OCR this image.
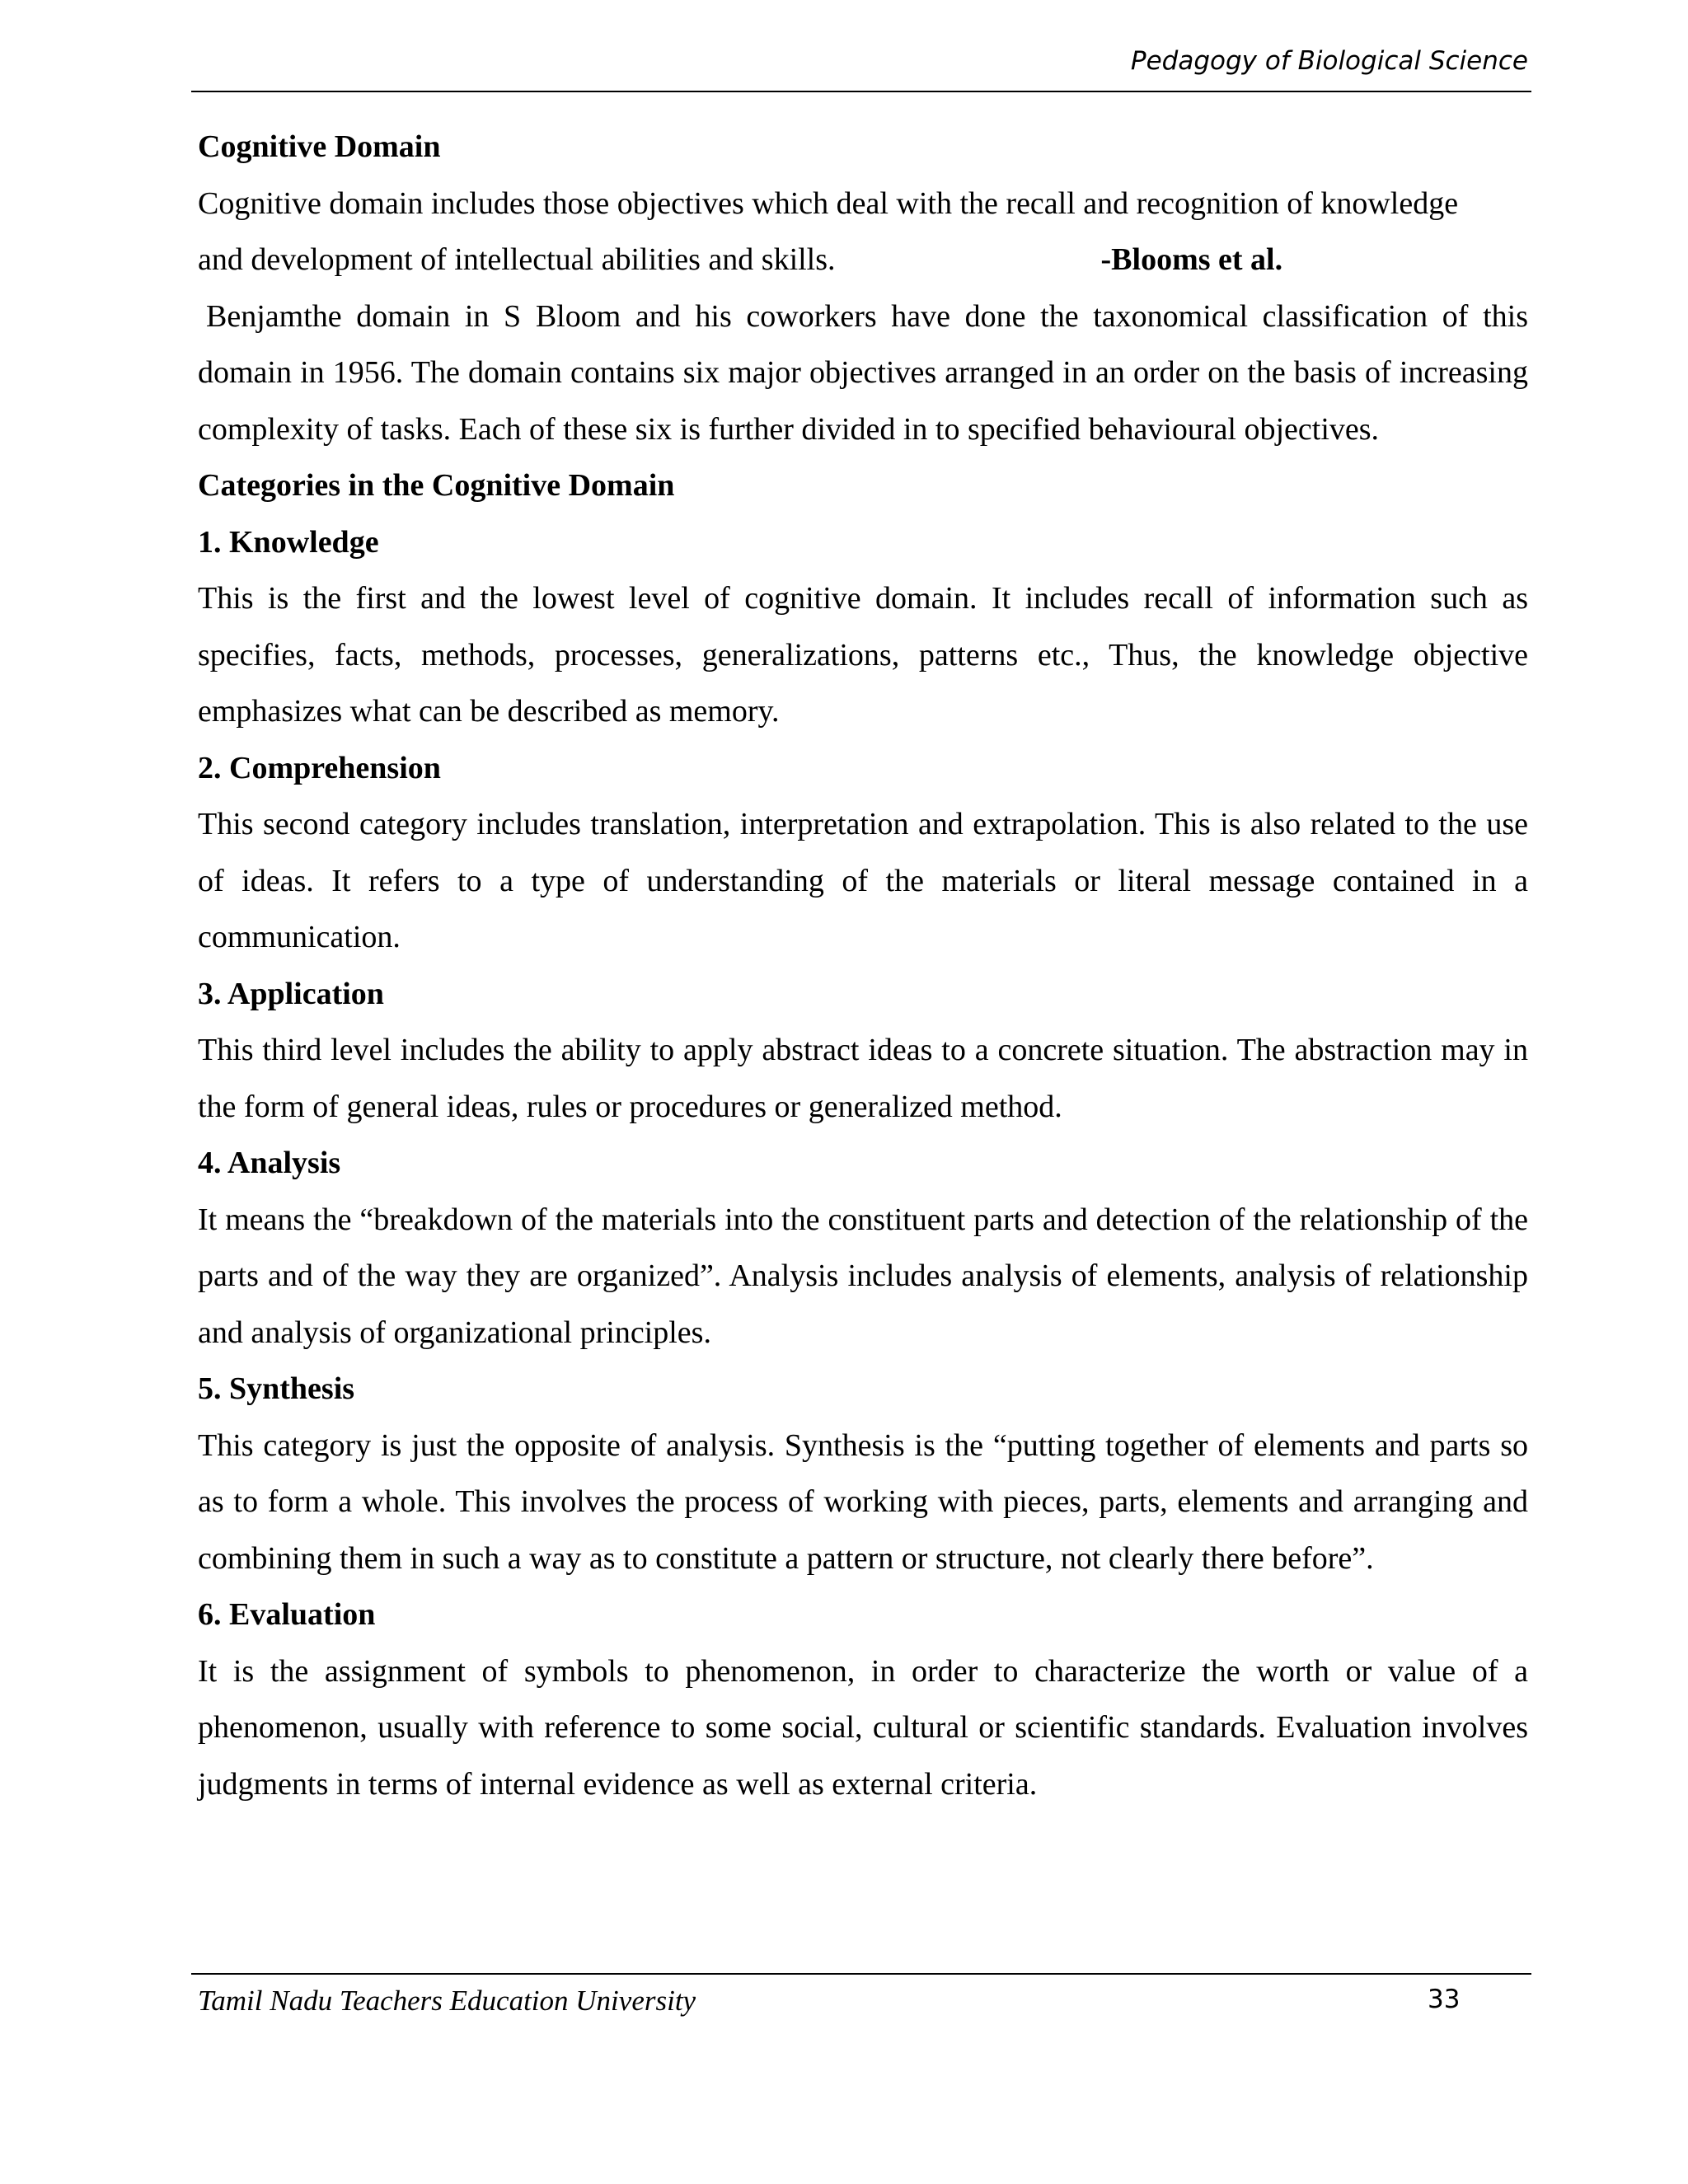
Pedagogy of Biological Science
Cognitive Domain

Cognitive domain includes those objectives which deal with the recall and recognition of knowledge

and development of intellectual abilities and skills.	-Blooms et al.

Benjamthe domain in S Bloom and his coworkers have done the taxonomical classification of this domain in 1956. The domain contains six major objectives arranged in an order on the basis of increasing complexity of tasks. Each of these six is further divided in to specified behavioural objectives.

Categories in the Cognitive Domain
1. Knowledge

This is the first and the lowest level of cognitive domain. It includes recall of information such as specifies, facts, methods, processes, generalizations, patterns etc., Thus, the knowledge objective emphasizes what can be described as memory.

2. Comprehension

This second category includes translation, interpretation and extrapolation. This is also related to the use of ideas. It refers to a type of understanding of the materials or literal message contained in a communication.

3. Application

This third level includes the ability to apply abstract ideas to a concrete situation. The abstraction may in the form of general ideas, rules or procedures or generalized method.

4. Analysis

It means the “breakdown of the materials into the constituent parts and detection of the relationship of the parts and of the way they are organized”. Analysis includes analysis of elements, analysis of relationship and analysis of organizational principles.

5. Synthesis

This category is just the opposite of analysis. Synthesis is the “putting together of elements and parts so as to form a whole. This involves the process of working with pieces, parts, elements and arranging and combining them in such a way as to constitute a pattern or structure, not clearly there before”.

6. Evaluation

It is the assignment of symbols to phenomenon, in order to characterize the worth or value of a phenomenon, usually with reference to some social, cultural or scientific standards. Evaluation involves judgments in terms of internal evidence as well as external criteria.

Tamil Nadu Teachers Education University	33
